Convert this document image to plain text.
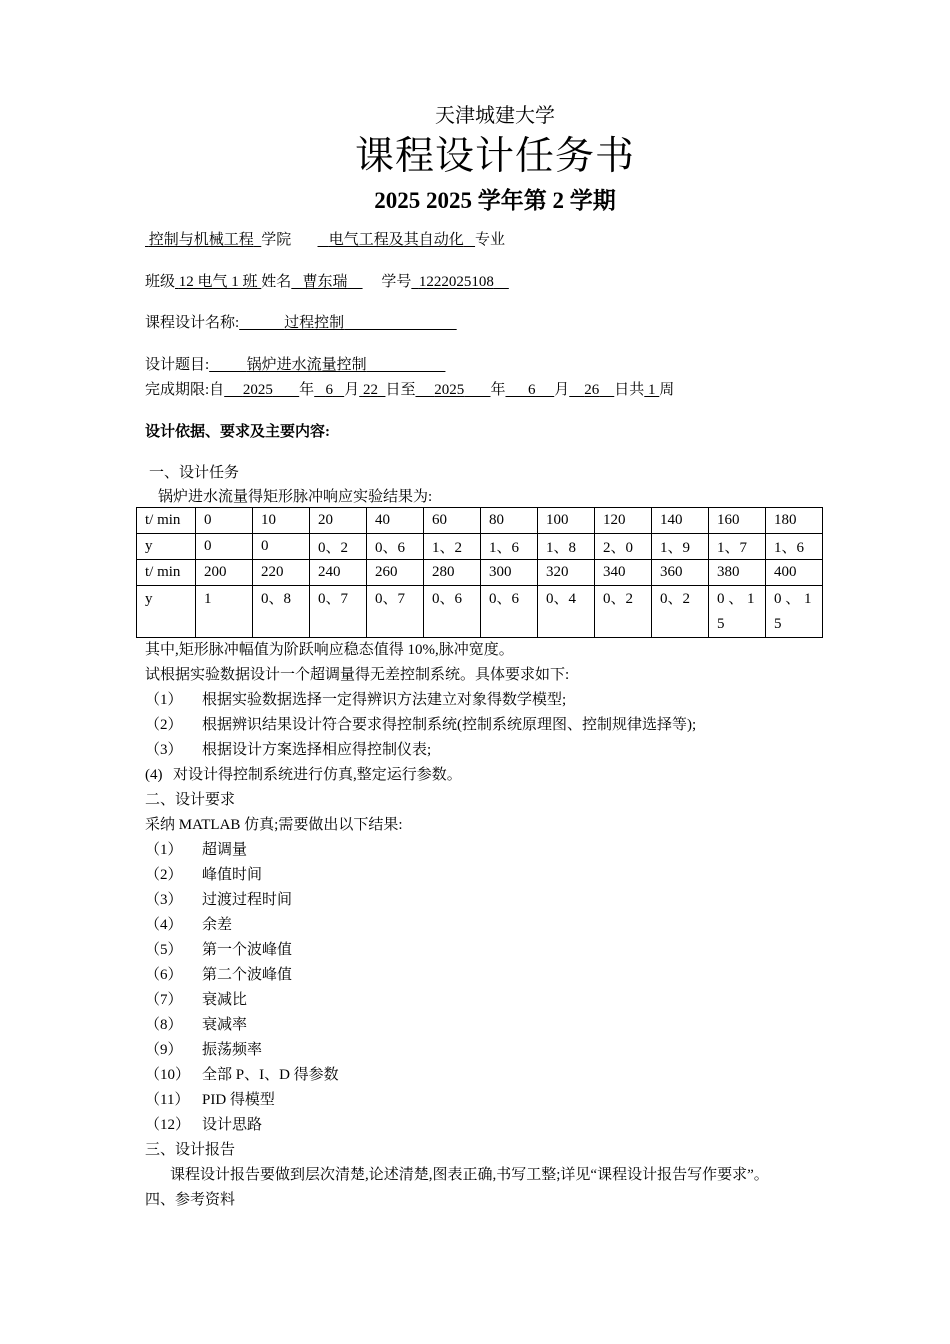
天津城建大学
课程设计任务书
2025 2025 学年第 2 学期
控制与机械工程 学院	电气工程及其自动化 专业
班级 12 电气 1 班 姓名 曹东瑞 学号 1222025108
课程设计名称:	过程控制
设计题目:	锅炉进水流量控制
完成期限:自 2025 年 6 月 22 日至 2025 年 6 月 26 日共 1 周
设计依据、要求及主要内容:
一、设计任务
锅炉进水流量得矩形脉冲响应实验结果为:
t/ min	0	10	20	40	60	80	100	120	140	160	180
y	0	0	0、2	0、6	1、2	1、6	1、8	2、0	1、9	1、7	1、6
t/ min	200	220	240	260	280	300	320	340	360	380	400
y	1	0、8	0、7	0、7	0、6	0、6	0、4	0、2	0、2	0 、 1 5	0 、 1 5
其中,矩形脉冲幅值为阶跃响应稳态值得 10%,脉冲宽度。
试根据实验数据设计一个超调量得无差控制系统。具体要求如下:
（1） 根据实验数据选择一定得辨识方法建立对象得数学模型;
（2） 根据辨识结果设计符合要求得控制系统(控制系统原理图、控制规律选择等);
（3） 根据设计方案选择相应得控制仪表;
(4) 对设计得控制系统进行仿真,整定运行参数。
二、设计要求
采纳 MATLAB 仿真;需要做出以下结果:
（1） 超调量
（2） 峰值时间
（3） 过渡过程时间
（4） 余差
（5） 第一个波峰值
（6） 第二个波峰值
（7） 衰减比
（8） 衰减率
（9） 振荡频率
（10） 全部 P、I、D 得参数
（11） PID 得模型
（12） 设计思路
三、设计报告
课程设计报告要做到层次清楚,论述清楚,图表正确,书写工整;详见“课程设计报告写作要求”。
四、参考资料
